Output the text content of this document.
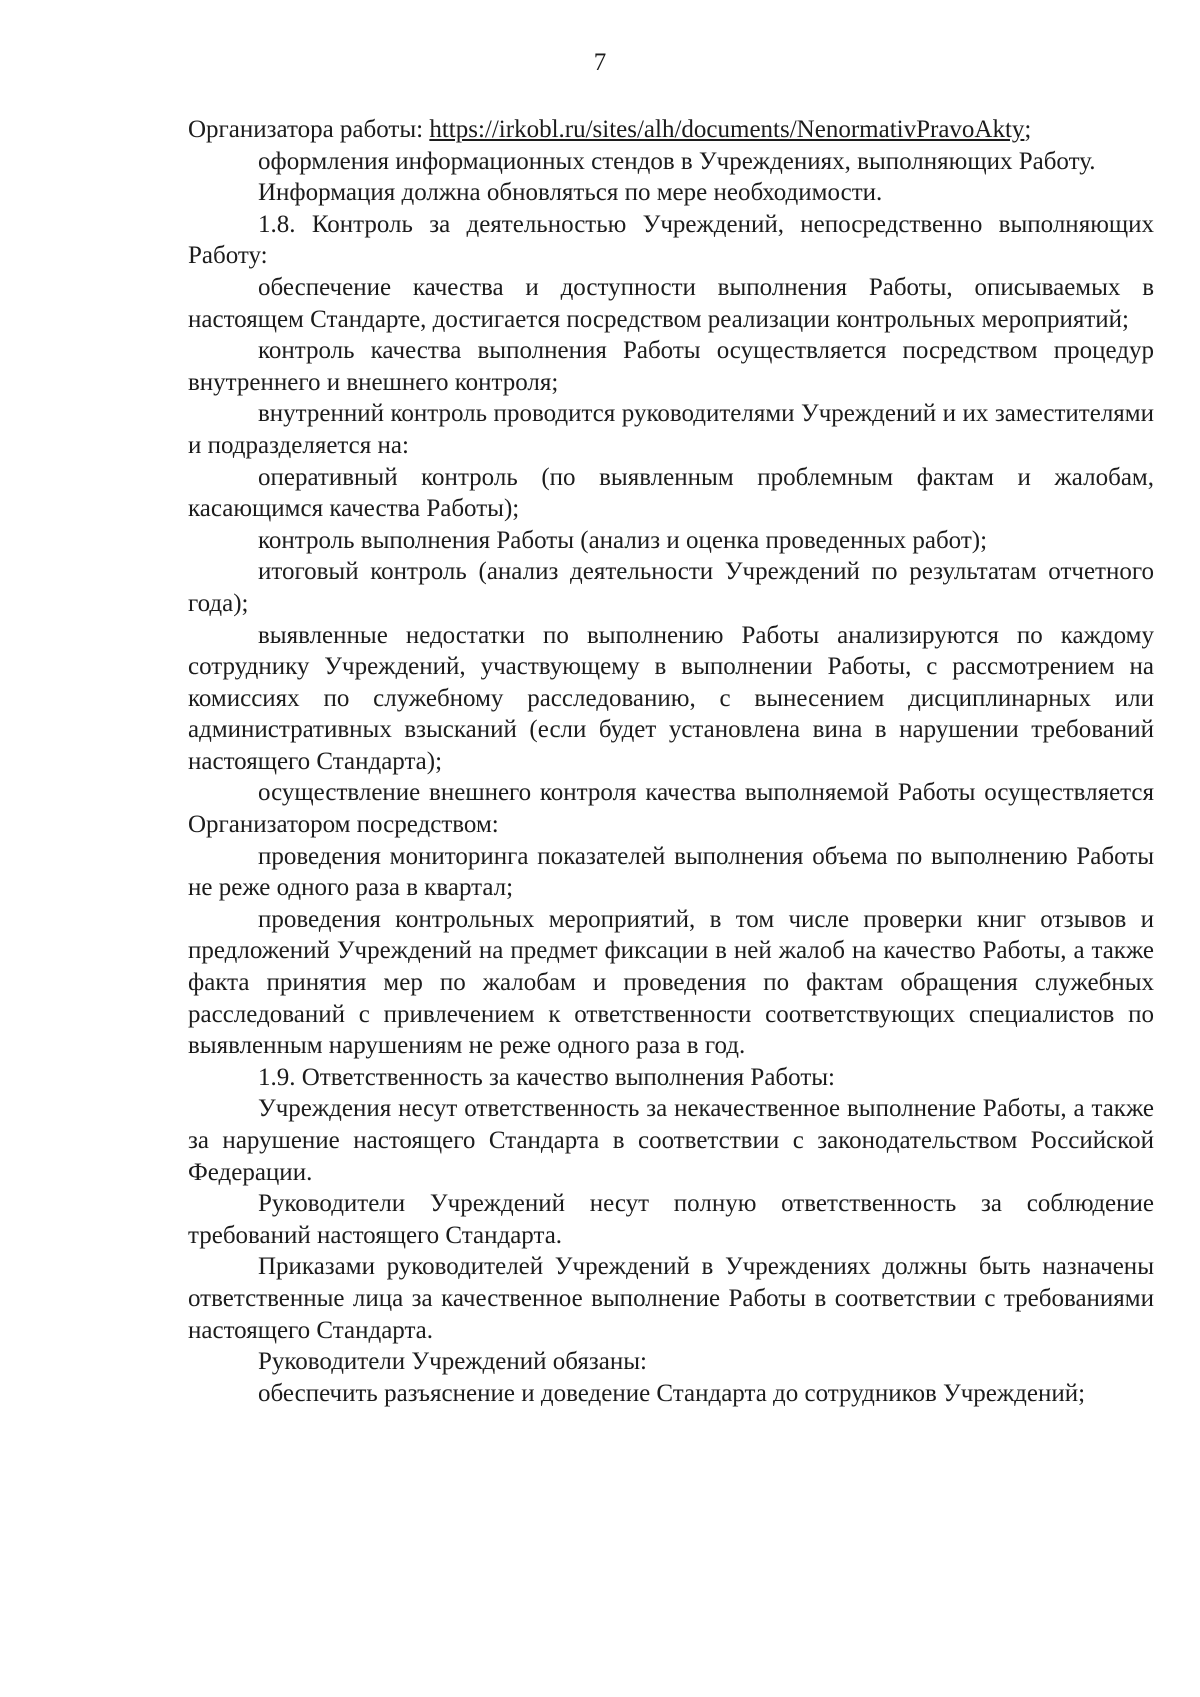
7

Организатора работы: https://irkobl.ru/sites/alh/documents/NenormativPravoAkty;

оформления информационных стендов в Учреждениях, выполняющих Работу.

Информация должна обновляться по мере необходимости.

1.8. Контроль за деятельностью Учреждений, непосредственно выполняющих Работу:

обеспечение качества и доступности выполнения Работы, описываемых в настоящем Стандарте, достигается посредством реализации контрольных мероприятий;

контроль качества выполнения Работы осуществляется посредством процедур внутреннего и внешнего контроля;

внутренний контроль проводится руководителями Учреждений и их заместителями и подразделяется на:

оперативный контроль (по выявленным проблемным фактам и жалобам, касающимся качества Работы);

контроль выполнения Работы (анализ и оценка проведенных работ);

итоговый контроль (анализ деятельности Учреждений по результатам отчетного года);

выявленные недостатки по выполнению Работы анализируются по каждому сотруднику Учреждений, участвующему в выполнении Работы, с рассмотрением на комиссиях по служебному расследованию, с вынесением дисциплинарных или административных взысканий (если будет установлена вина в нарушении требований настоящего Стандарта);

осуществление внешнего контроля качества выполняемой Работы осуществляется Организатором посредством:

проведения мониторинга показателей выполнения объема по выполнению Работы не реже одного раза в квартал;

проведения контрольных мероприятий, в том числе проверки книг отзывов и предложений Учреждений на предмет фиксации в ней жалоб на качество Работы, а также факта принятия мер по жалобам и проведения по фактам обращения служебных расследований с привлечением к ответственности соответствующих специалистов по выявленным нарушениям не реже одного раза в год.

1.9. Ответственность за качество выполнения Работы:

Учреждения несут ответственность за некачественное выполнение Работы, а также за нарушение настоящего Стандарта в соответствии с законодательством Российской Федерации.

Руководители Учреждений несут полную ответственность за соблюдение требований настоящего Стандарта.

Приказами руководителей Учреждений в Учреждениях должны быть назначены ответственные лица за качественное выполнение Работы в соответствии с требованиями настоящего Стандарта.

Руководители Учреждений обязаны:

обеспечить разъяснение и доведение Стандарта до сотрудников Учреждений;
